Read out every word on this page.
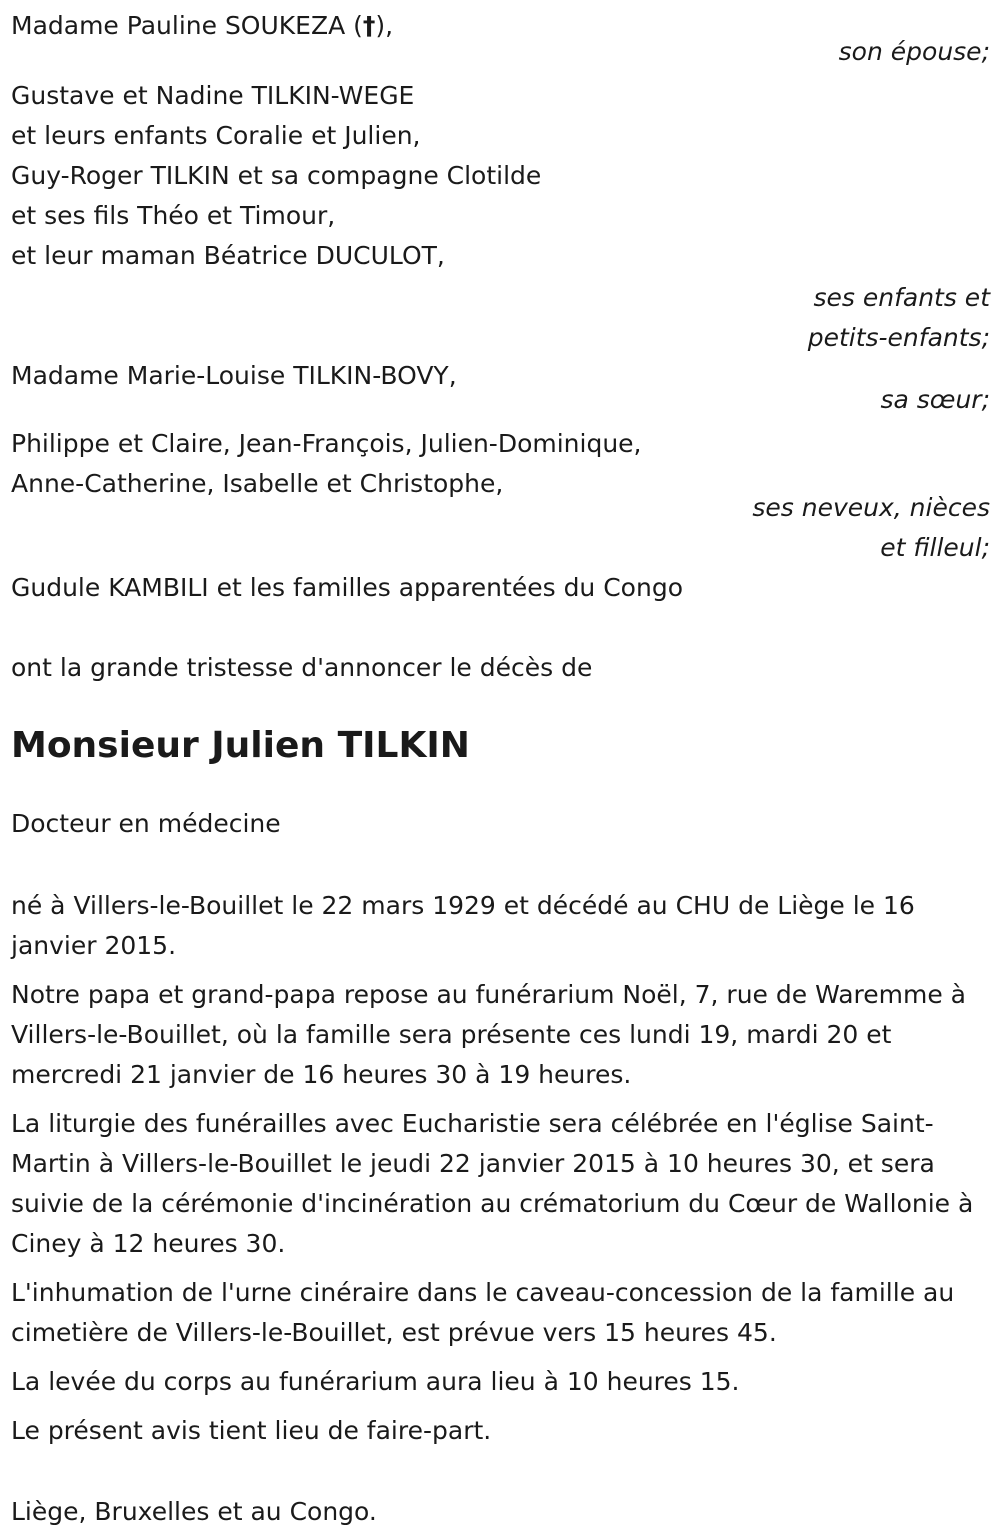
Madame Pauline SOUKEZA (†),
son épouse;
Gustave et Nadine TILKIN-WEGE
et leurs enfants Coralie et Julien,
Guy-Roger TILKIN et sa compagne Clotilde
et ses fils Théo et Timour,
et leur maman Béatrice DUCULOT,
ses enfants et
petits-enfants;
Madame Marie-Louise TILKIN-BOVY,
sa sœur;
Philippe et Claire, Jean-François, Julien-Dominique,
Anne-Catherine, Isabelle et Christophe,
ses neveux, nièces
et filleul;
Gudule KAMBILI et les familles apparentées du Congo
ont la grande tristesse d'annoncer le décès de
Monsieur Julien TILKIN
Docteur en médecine
né à Villers-le-Bouillet le 22 mars 1929 et décédé au CHU de Liège le 16 janvier 2015.
Notre papa et grand-papa repose au funérarium Noël, 7, rue de Waremme à Villers-le-Bouillet, où la famille sera présente ces lundi 19, mardi 20 et mercredi 21 janvier de 16 heures 30 à 19 heures.
La liturgie des funérailles avec Eucharistie sera célébrée en l'église Saint-Martin à Villers-le-Bouillet le jeudi 22 janvier 2015 à 10 heures 30, et sera suivie de la cérémonie d'incinération au crématorium du Cœur de Wallonie à Ciney à 12 heures 30.
L'inhumation de l'urne cinéraire dans le caveau-concession de la famille au cimetière de Villers-le-Bouillet, est prévue vers 15 heures 45.
La levée du corps au funérarium aura lieu à 10 heures 15.
Le présent avis tient lieu de faire-part.
Liège, Bruxelles et au Congo.
